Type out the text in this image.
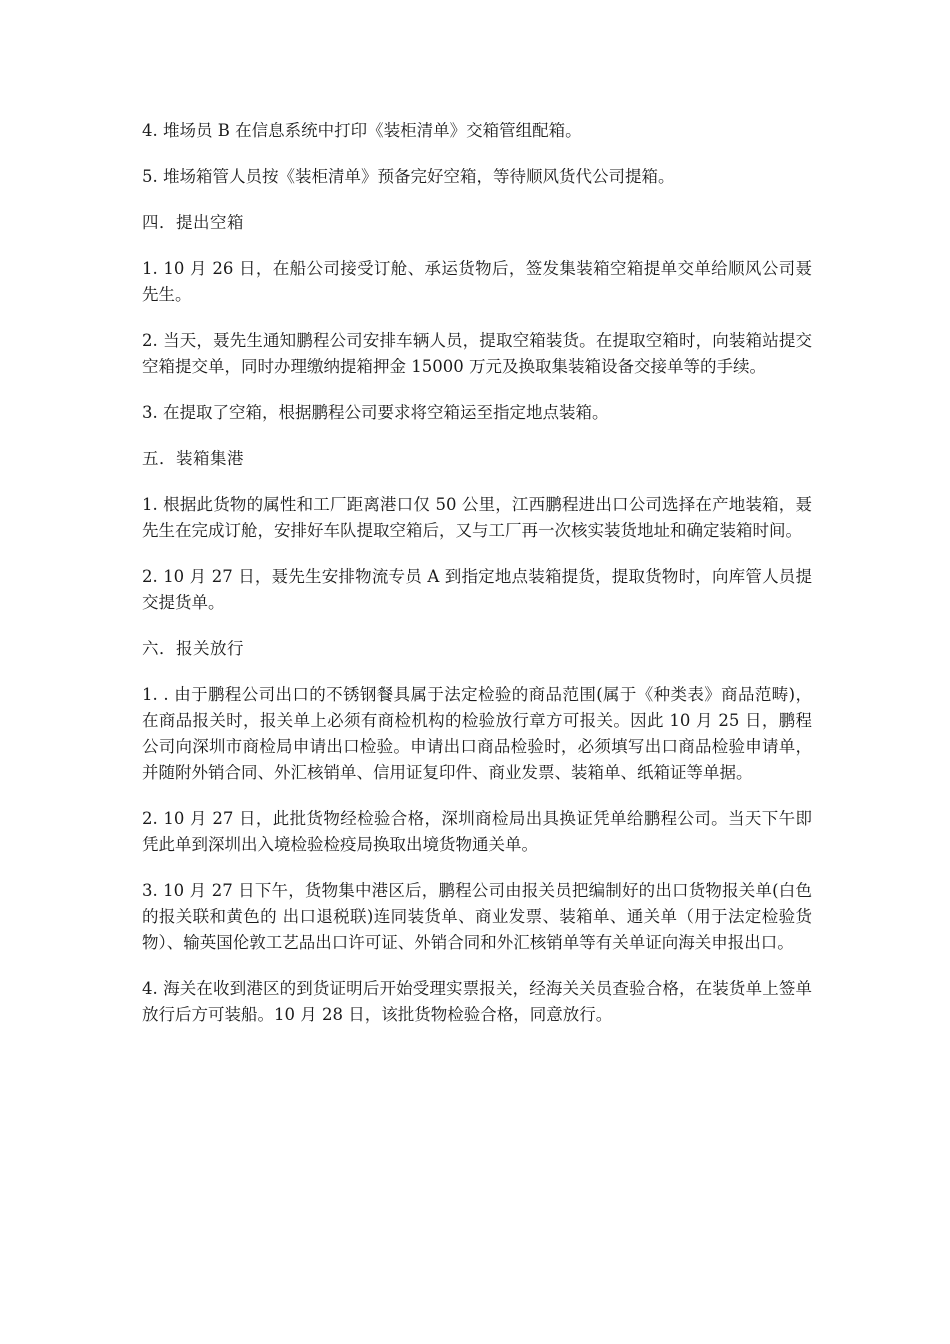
4. 堆场员 B 在信息系统中打印《装柜清单》交箱管组配箱。

5. 堆场箱管人员按《装柜清单》预备完好空箱，等待顺风货代公司提箱。

四．提出空箱

1. 10 月 26 日，在船公司接受订舱、承运货物后，签发集装箱空箱提单交单给顺风公司聂先生。

2. 当天，聂先生通知鹏程公司安排车辆人员，提取空箱装货。在提取空箱时，向装箱站提交空箱提交单，同时办理缴纳提箱押金 15000 万元及换取集装箱设备交接单等的手续。

3. 在提取了空箱，根据鹏程公司要求将空箱运至指定地点装箱。

五．装箱集港

1. 根据此货物的属性和工厂距离港口仅 50 公里，江西鹏程进出口公司选择在产地装箱，聂先生在完成订舱，安排好车队提取空箱后，又与工厂再一次核实装货地址和确定装箱时间。

2. 10 月 27 日，聂先生安排物流专员 A 到指定地点装箱提货，提取货物时，向库管人员提交提货单。

六．报关放行

1. . 由于鹏程公司出口的不锈钢餐具属于法定检验的商品范围(属于《种类表》商品范畴)，在商品报关时，报关单上必须有商检机构的检验放行章方可报关。因此 10 月 25 日，鹏程公司向深圳市商检局申请出口检验。申请出口商品检验时，必须填写出口商品检验申请单，并随附外销合同、外汇核销单、信用证复印件、商业发票、装箱单、纸箱证等单据。

2. 10 月 27 日，此批货物经检验合格，深圳商检局出具换证凭单给鹏程公司。当天下午即凭此单到深圳出入境检验检疫局换取出境货物通关单。

3. 10 月 27 日下午，货物集中港区后，鹏程公司由报关员把编制好的出口货物报关单(白色的报关联和黄色的 出口退税联)连同装货单、商业发票、装箱单、通关单（用于法定检验货物）、输英国伦敦工艺品出口许可证、外销合同和外汇核销单等有关单证向海关申报出口。

4. 海关在收到港区的到货证明后开始受理实票报关，经海关关员查验合格，在装货单上签单放行后方可装船。10 月 28 日，该批货物检验合格，同意放行。
